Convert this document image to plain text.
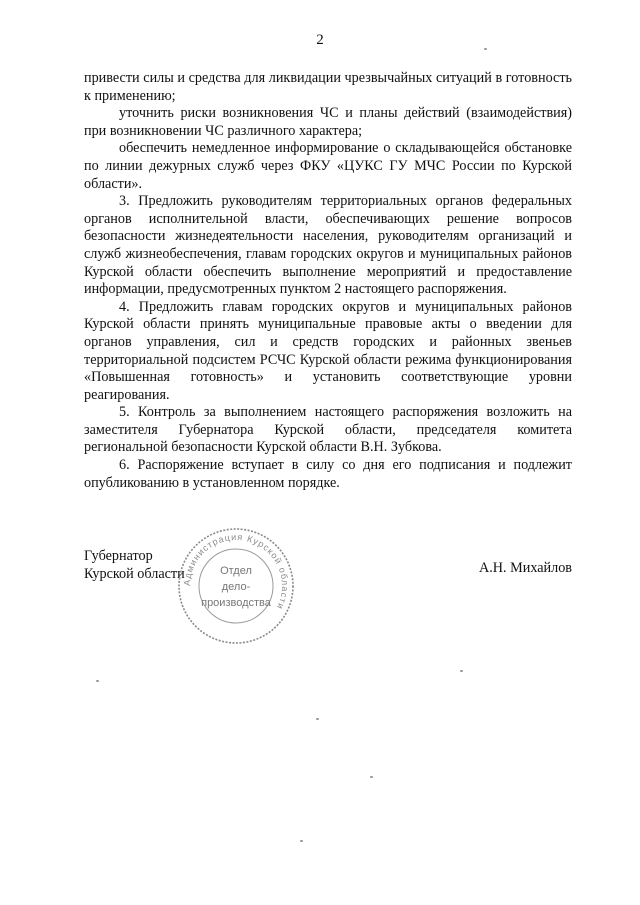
2

привести силы и средства для ликвидации чрезвычайных ситуаций в готовность к применению;

уточнить риски возникновения ЧС и планы действий (взаимодействия) при возникновении ЧС различного характера;

обеспечить немедленное информирование о складывающейся обстановке по линии дежурных служб через ФКУ «ЦУКС ГУ МЧС России по Курской области».

3. Предложить руководителям территориальных органов федеральных органов исполнительной власти, обеспечивающих решение вопросов безопасности жизнедеятельности населения, руководителям организаций и служб жизнеобеспечения, главам городских округов и муниципальных районов Курской области обеспечить выполнение мероприятий и предоставление информации, предусмотренных пунктом 2 настоящего распоряжения.

4. Предложить главам городских округов и муниципальных районов Курской области принять муниципальные правовые акты о введении для органов управления, сил и средств городских и районных звеньев территориальной подсистем РСЧС Курской области режима функционирования «Повышенная готовность» и установить соответствующие уровни реагирования.

5. Контроль за выполнением настоящего распоряжения возложить на заместителя Губернатора Курской области, председателя комитета региональной безопасности Курской области В.Н. Зубкова.

6. Распоряжение вступает в силу со дня его подписания и подлежит опубликованию в установленном порядке.

Губернатор
Курской области	А.Н. Михайлов
Администрация Курской области
Отдел
дело-
производства
